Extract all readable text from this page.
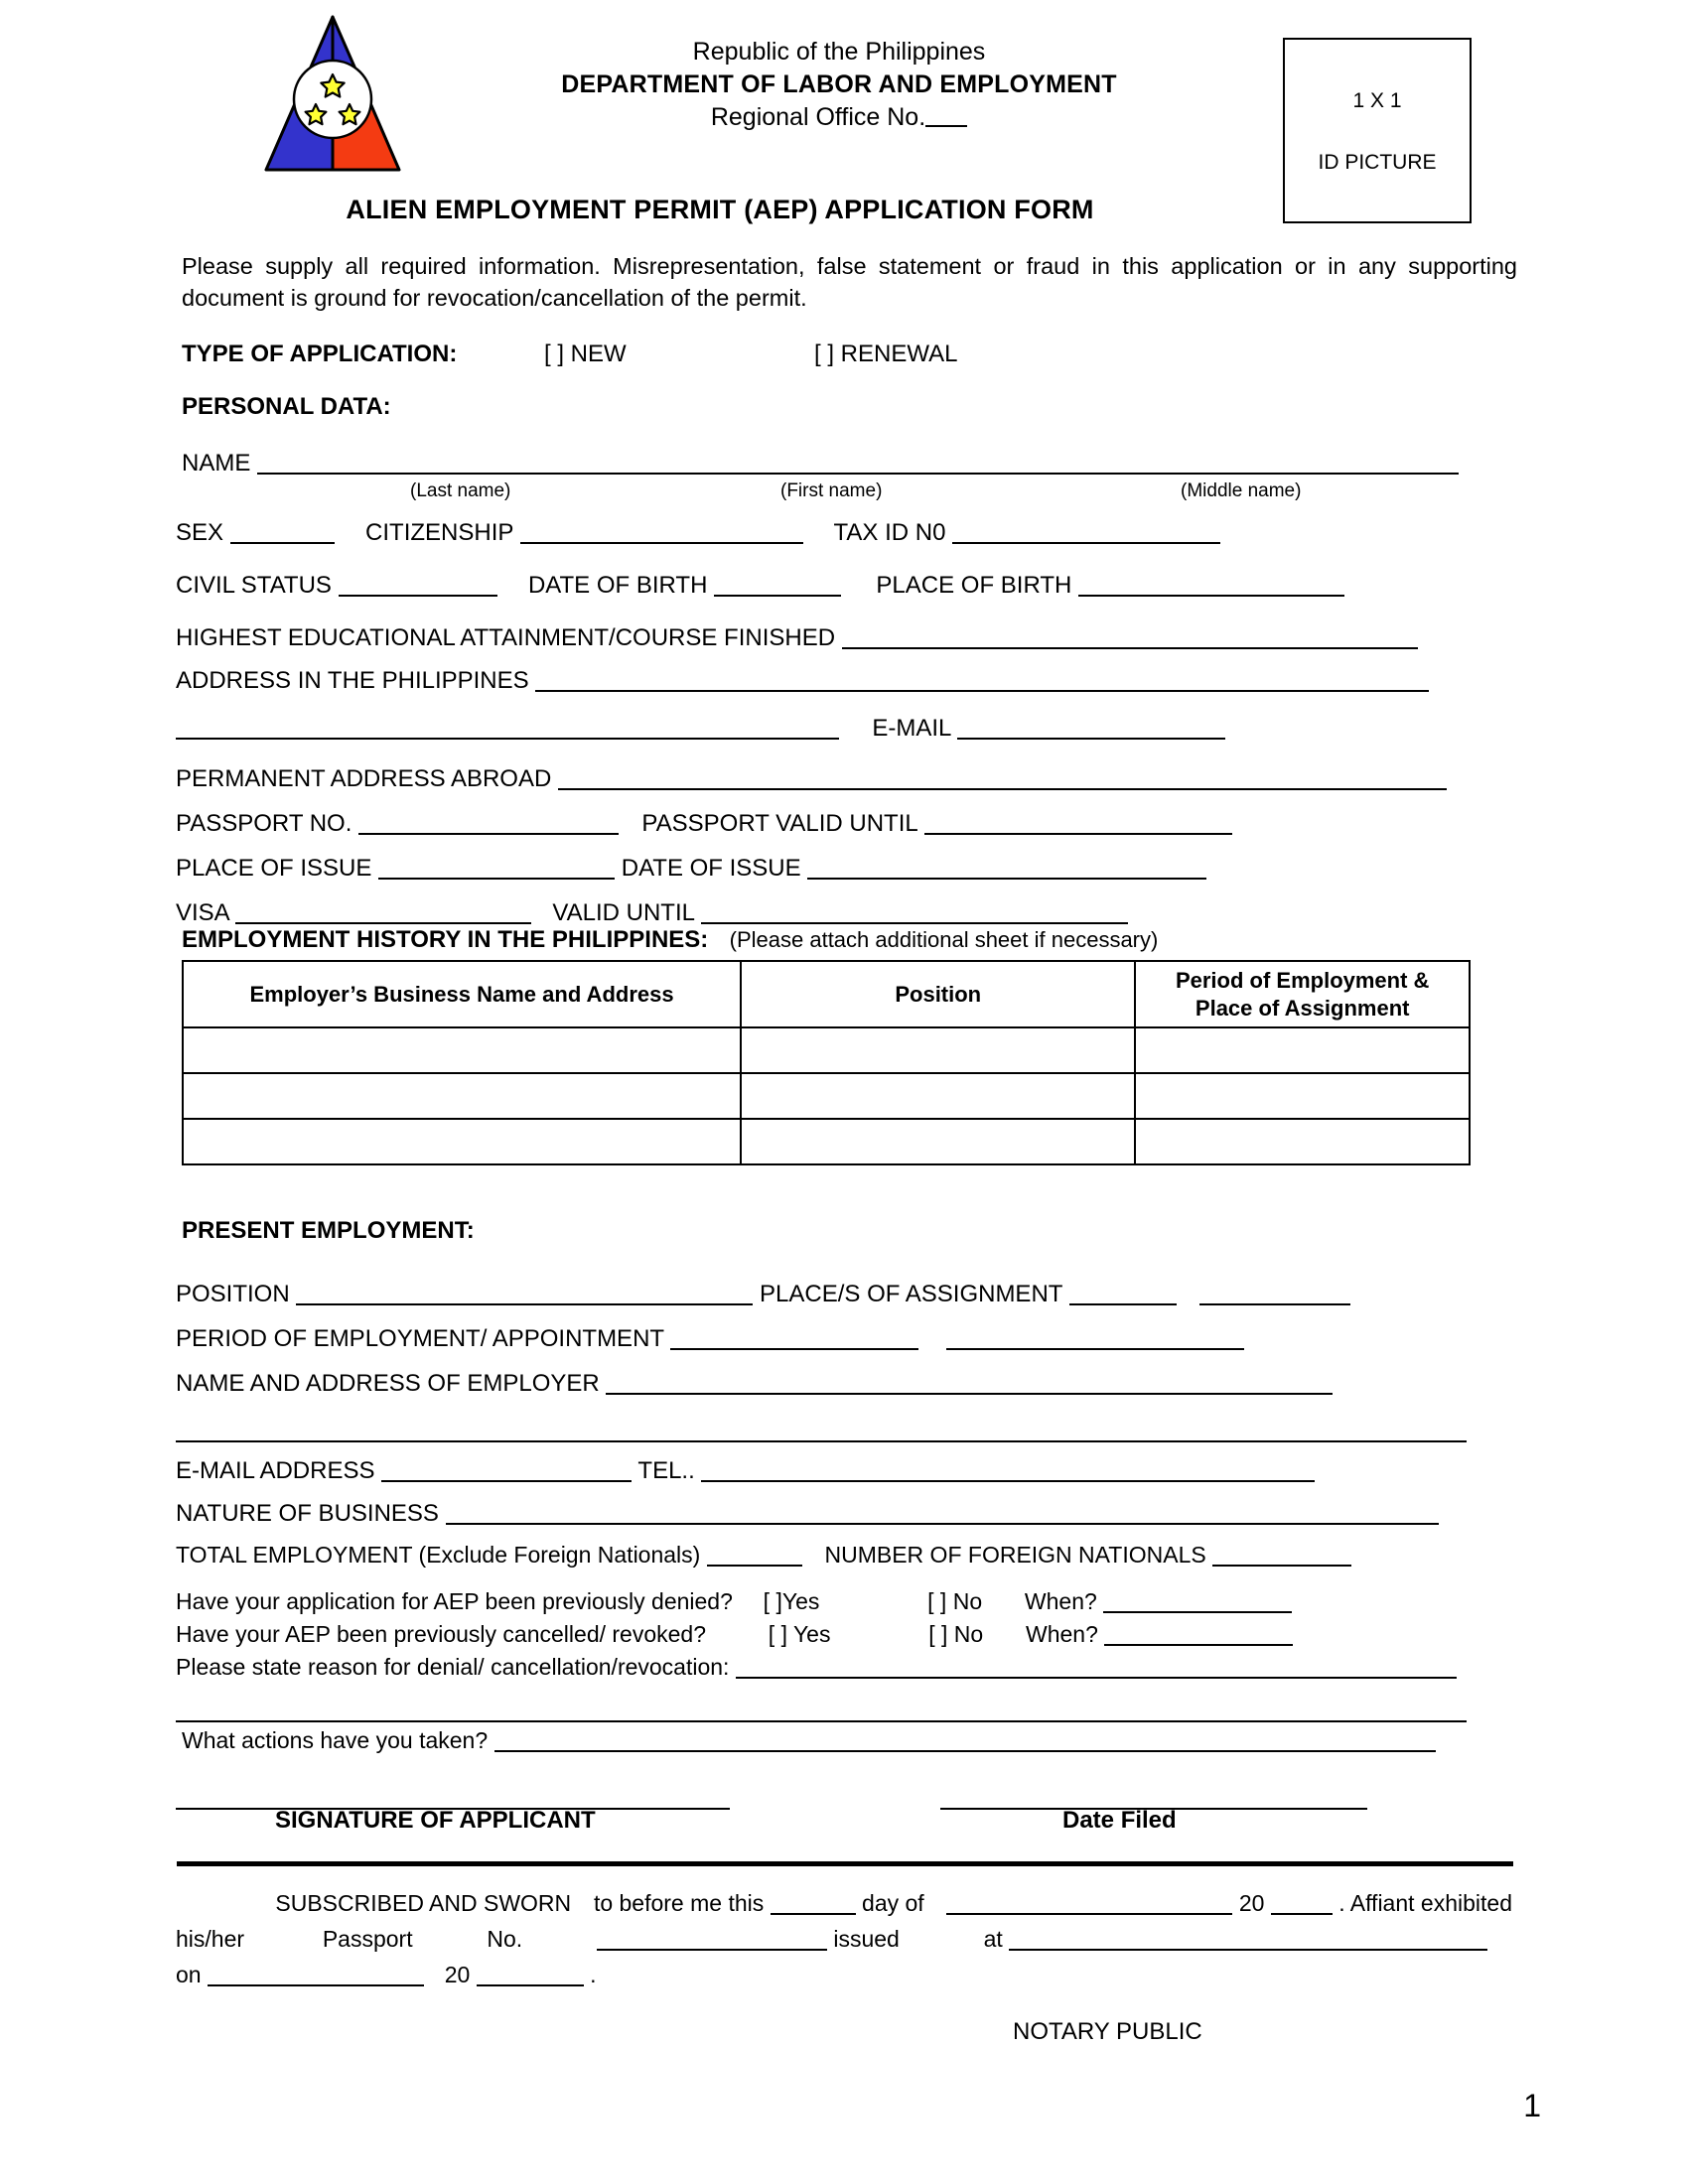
Republic of the Philippines
DEPARTMENT OF LABOR AND EMPLOYMENT
Regional Office No.
1 X 1
ID PICTURE
ALIEN EMPLOYMENT PERMIT (AEP) APPLICATION FORM
Please supply all required information. Misrepresentation, false statement or fraud in this application or in any supporting document is ground for revocation/cancellation of the permit.
TYPE OF APPLICATION:	[ ] NEW	[ ] RENEWAL
PERSONAL DATA:
NAME
(Last name)	(First name)	(Middle name)
SEX	CITIZENSHIP	TAX ID N0
CIVIL STATUS	DATE OF BIRTH	PLACE OF BIRTH
HIGHEST EDUCATIONAL ATTAINMENT/COURSE FINISHED
ADDRESS IN THE PHILIPPINES
E-MAIL
PERMANENT ADDRESS ABROAD
PASSPORT NO.	PASSPORT VALID UNTIL
PLACE OF ISSUE	DATE OF ISSUE
VISA	VALID UNTIL
EMPLOYMENT HISTORY IN THE PHILIPPINES: (Please attach additional sheet if necessary)
Employer’s Business Name and Address	Position	Period of Employment &
Place of Assignment

PRESENT EMPLOYMENT:
POSITION	PLACE/S OF ASSIGNMENT
PERIOD OF EMPLOYMENT/ APPOINTMENT
NAME AND ADDRESS OF EMPLOYER
E-MAIL ADDRESS	TEL..
NATURE OF BUSINESS
TOTAL EMPLOYMENT (Exclude Foreign Nationals)	NUMBER OF FOREIGN NATIONALS
Have your application for AEP been previously denied? [ ]Yes	[ ] No When?
Have your AEP been previously cancelled/ revoked?	[ ] Yes	[ ] No When?
Please state reason for denial/ cancellation/revocation:
What actions have you taken?
SIGNATURE OF APPLICANT	Date Filed
SUBSCRIBED AND SWORN to before me this	day of	20	. Affiant exhibited
his/her	Passport	No.	issued	at
on	20	.
NOTARY PUBLIC
1
